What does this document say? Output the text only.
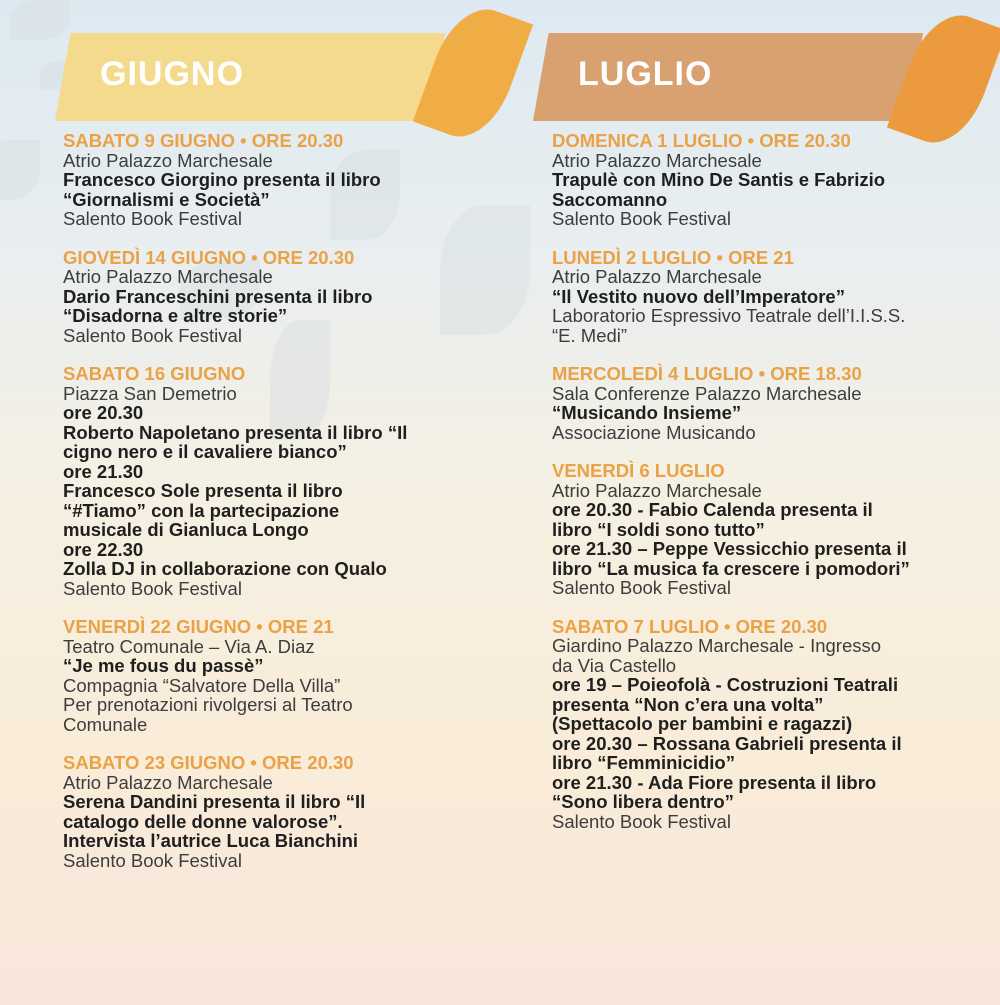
GIUGNO
SABATO 9 GIUGNO • ORE 20.30
Atrio Palazzo Marchesale
Francesco Giorgino presenta il libro
“Giornalismi e Società”
Salento Book Festival
GIOVEDÌ 14 GIUGNO • ORE 20.30
Atrio Palazzo Marchesale
Dario Franceschini presenta il libro
“Disadorna e altre storie”
Salento Book Festival
SABATO 16 GIUGNO
Piazza San Demetrio
ore 20.30
Roberto Napoletano presenta il libro “Il
cigno nero e il cavaliere bianco”
ore 21.30
Francesco Sole presenta il libro
“#Tiamo” con la partecipazione
musicale di Gianluca Longo
ore 22.30
Zolla DJ in collaborazione con Qualo
Salento Book Festival
VENERDÌ 22 GIUGNO • ORE 21
Teatro Comunale – Via A. Diaz
“Je me fous du passè”
Compagnia “Salvatore Della Villa”
Per prenotazioni rivolgersi al Teatro
Comunale
SABATO 23 GIUGNO • ORE 20.30
Atrio Palazzo Marchesale
Serena Dandini presenta il libro “Il
catalogo delle donne valorose”.
Intervista l’autrice Luca Bianchini
Salento Book Festival
LUGLIO
DOMENICA 1 LUGLIO • ORE 20.30
Atrio Palazzo Marchesale
Trapulè con Mino De Santis e Fabrizio
Saccomanno
Salento Book Festival
LUNEDÌ 2 LUGLIO • ORE 21
Atrio Palazzo Marchesale
“Il Vestito nuovo dell’Imperatore”
Laboratorio Espressivo Teatrale dell’I.I.S.S.
“E. Medi”
MERCOLEDÌ 4 LUGLIO • ORE 18.30
Sala Conferenze Palazzo Marchesale
“Musicando Insieme”
Associazione Musicando
VENERDÌ 6 LUGLIO
Atrio Palazzo Marchesale
ore 20.30 - Fabio Calenda presenta il
libro “I soldi sono tutto”
ore 21.30 – Peppe Vessicchio presenta il
libro “La musica fa crescere i pomodori”
Salento Book Festival
SABATO 7 LUGLIO • ORE 20.30
Giardino Palazzo Marchesale - Ingresso
da Via Castello
ore 19 – Poieofolà - Costruzioni Teatrali
presenta “Non c’era una volta”
(Spettacolo per bambini e ragazzi)
ore 20.30 – Rossana Gabrieli presenta il
libro “Femminicidio”
ore 21.30 - Ada Fiore presenta il libro
“Sono libera dentro”
Salento Book Festival
